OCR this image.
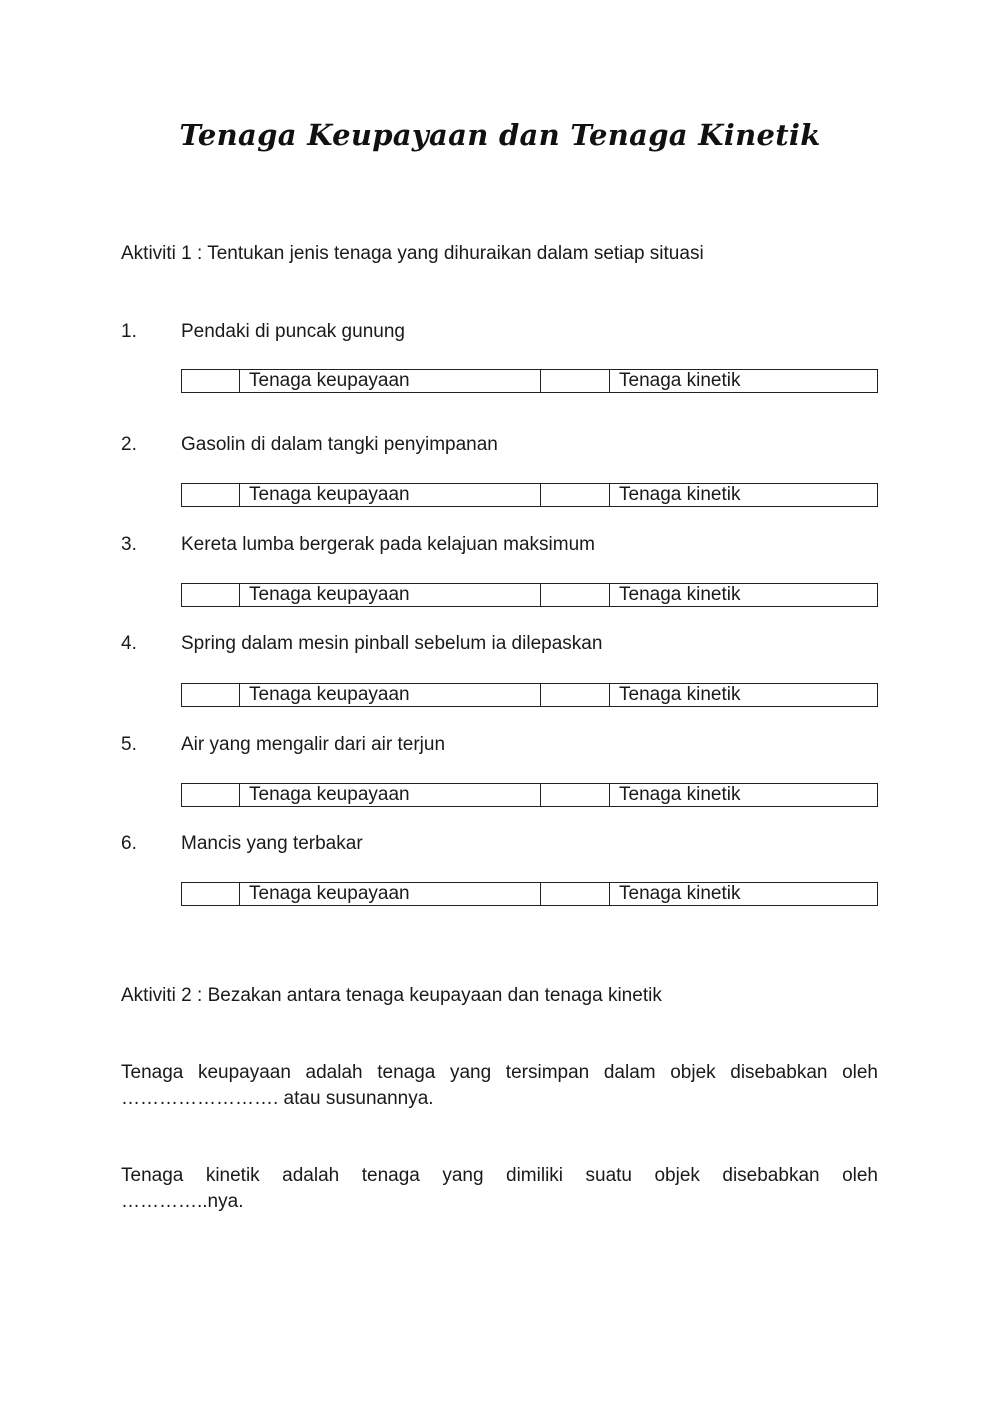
Tenaga Keupayaan dan Tenaga Kinetik
Aktiviti 1 : Tentukan jenis tenaga yang dihuraikan dalam setiap situasi
1. Pendaki di puncak gunung
	Tenaga keupayaan		Tenaga kinetik
2. Gasolin di dalam tangki penyimpanan
	Tenaga keupayaan		Tenaga kinetik
3. Kereta lumba bergerak pada kelajuan maksimum
	Tenaga keupayaan		Tenaga kinetik
4. Spring dalam mesin pinball sebelum ia dilepaskan
	Tenaga keupayaan		Tenaga kinetik
5. Air yang mengalir dari air terjun
	Tenaga keupayaan		Tenaga kinetik
6. Mancis yang terbakar
	Tenaga keupayaan		Tenaga kinetik
Aktiviti 2 : Bezakan antara tenaga keupayaan dan tenaga kinetik
Tenaga keupayaan adalah tenaga yang tersimpan dalam objek disebabkan oleh
……………………. atau susunannya.
Tenaga kinetik adalah tenaga yang dimiliki suatu objek disebabkan oleh
…………..nya.
